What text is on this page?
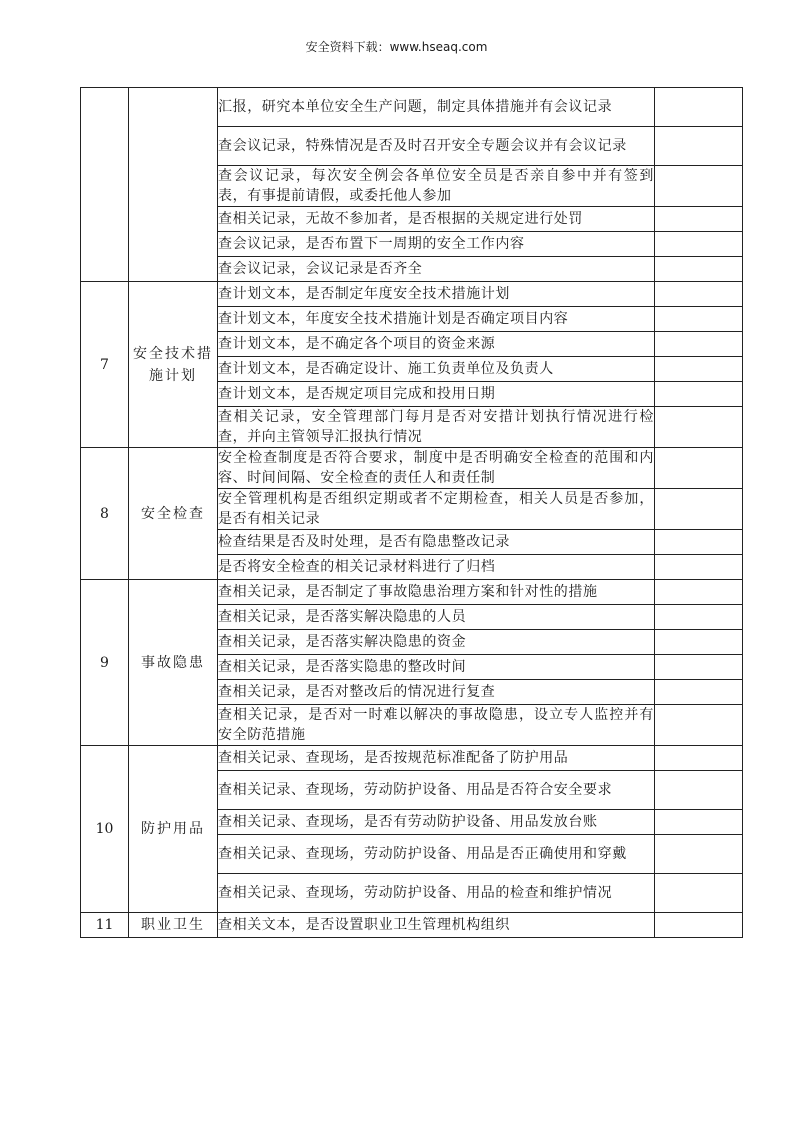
安全资料下载：www.hseaq.com
		汇报，研究本单位安全生产问题，制定具体措施并有会议记录	
		查会议记录，特殊情况是否及时召开安全专题会议并有会议记录	
		查会议记录，每次安全例会各单位安全员是否亲自参中并有签到表，有事提前请假，或委托他人参加	
		查相关记录，无故不参加者，是否根据的关规定进行处罚	
		查会议记录，是否布置下一周期的安全工作内容	
		查会议记录，会议记录是否齐全	
7	安全技术措施计划	查计划文本，是否制定年度安全技术措施计划	
		查计划文本，年度安全技术措施计划是否确定项目内容	
		查计划文本，是不确定各个项目的资金来源	
		查计划文本，是否确定设计、施工负责单位及负责人	
		查计划文本，是否规定项目完成和投用日期	
		查相关记录，安全管理部门每月是否对安措计划执行情况进行检查，并向主管领导汇报执行情况	
8	安全检查	安全检查制度是否符合要求，制度中是否明确安全检查的范围和内容、时间间隔、安全检查的责任人和责任制	
		安全管理机构是否组织定期或者不定期检查，相关人员是否参加，是否有相关记录	
		检查结果是否及时处理，是否有隐患整改记录	
		是否将安全检查的相关记录材料进行了归档	
9	事故隐患	查相关记录，是否制定了事故隐患治理方案和针对性的措施	
		查相关记录，是否落实解决隐患的人员	
		查相关记录，是否落实解决隐患的资金	
		查相关记录，是否落实隐患的整改时间	
		查相关记录，是否对整改后的情况进行复查	
		查相关记录，是否对一时难以解决的事故隐患，设立专人监控并有安全防范措施	
10	防护用品	查相关记录、查现场，是否按规范标准配备了防护用品	
		查相关记录、查现场，劳动防护设备、用品是否符合安全要求	
		查相关记录、查现场，是否有劳动防护设备、用品发放台账	
		查相关记录、查现场，劳动防护设备、用品是否正确使用和穿戴	
		查相关记录、查现场，劳动防护设备、用品的检查和维护情况	
11	职业卫生	查相关文本，是否设置职业卫生管理机构组织	
